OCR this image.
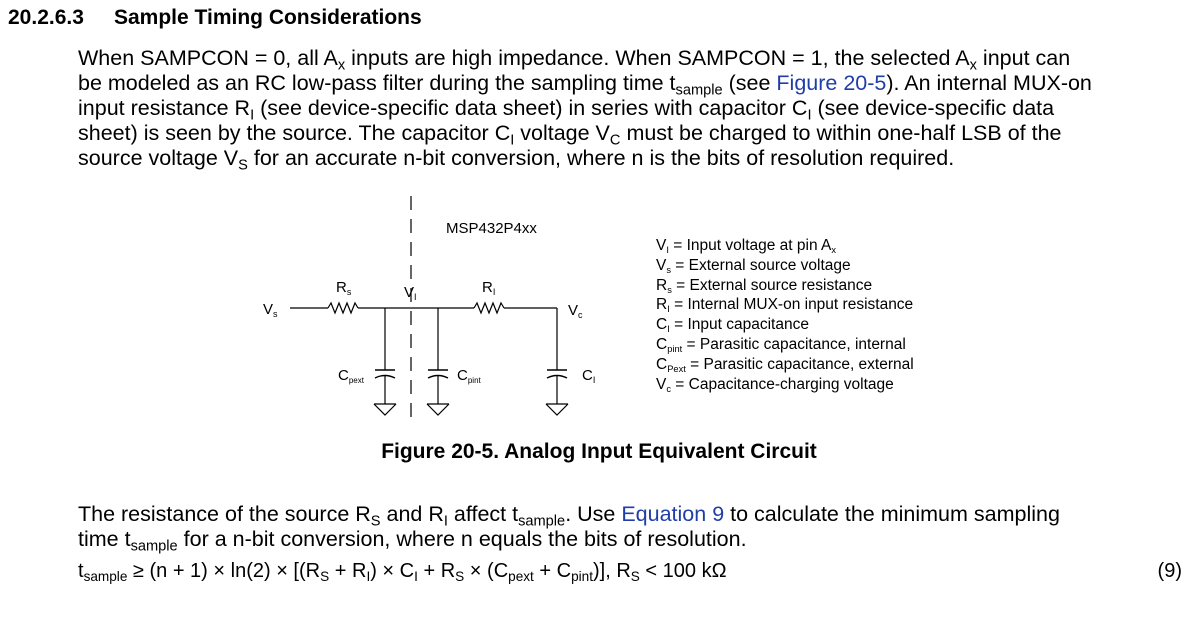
20.2.6.3 Sample Timing Considerations
When SAMPCON = 0, all $A_x$ inputs are high impedance. When SAMPCON = 1, the selected $A_x$ input can
be modeled as an RC low-pass filter during the sampling time $t_{sample}$ (see Figure 20-5). An internal MUX-on
input resistance $R_I$ (see device-specific data sheet) in series with capacitor $C_I$ (see device-specific data
sheet) is seen by the source. The capacitor $C_I$ voltage $V_C$ must be charged to within one-half LSB of the
source voltage $V_S$ for an accurate n-bit conversion, where n is the bits of resolution required.
MSP432P4xx
$V_s$
$R_s$	$V_I$
$R_I$
$V_c$
$C_{pext}$	$C_{pint}$	$C_I$
$V_I$ = Input voltage at pin $A_x$
$V_s$ = External source voltage
$R_s$ = External source resistance
$R_I$ = Internal MUX-on input resistance
$C_I$ = Input capacitance
$C_{pint}$ = Parasitic capacitance, internal
$C_{Pext}$ = Parasitic capacitance, external
$V_c$ = Capacitance-charging voltage
Figure 20-5. Analog Input Equivalent Circuit
The resistance of the source $R_S$ and $R_I$ affect $t_{sample}$. Use Equation 9 to calculate the minimum sampling
time $t_{sample}$ for a n-bit conversion, where n equals the bits of resolution.
$t_{sample} \ge (n + 1) \times \ln(2) \times [(R_S + R_I) \times C_I + R_S \times (C_{pext} + C_{pint})]$, $R_S < 100$ kΩ	(9)
